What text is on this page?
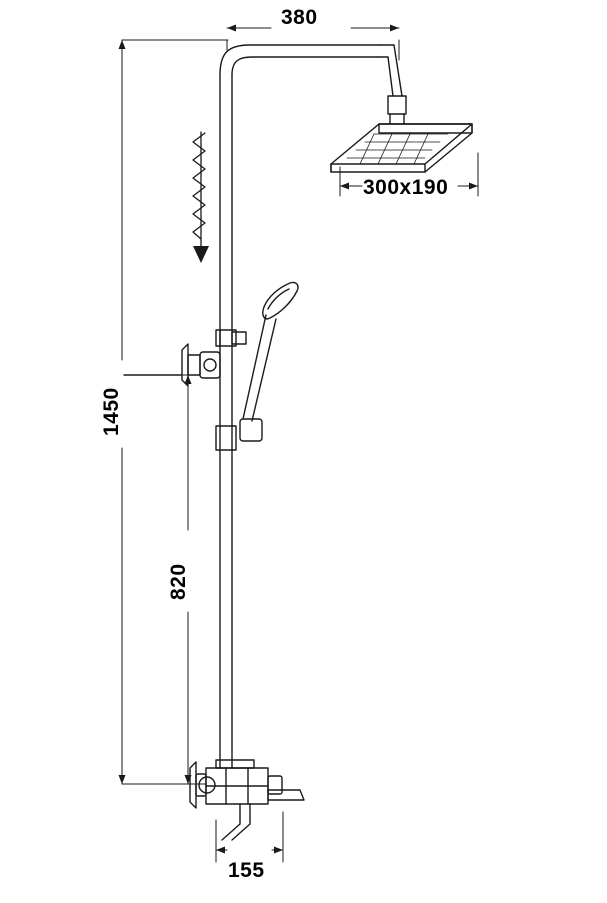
380
300x190
1450
820
155
